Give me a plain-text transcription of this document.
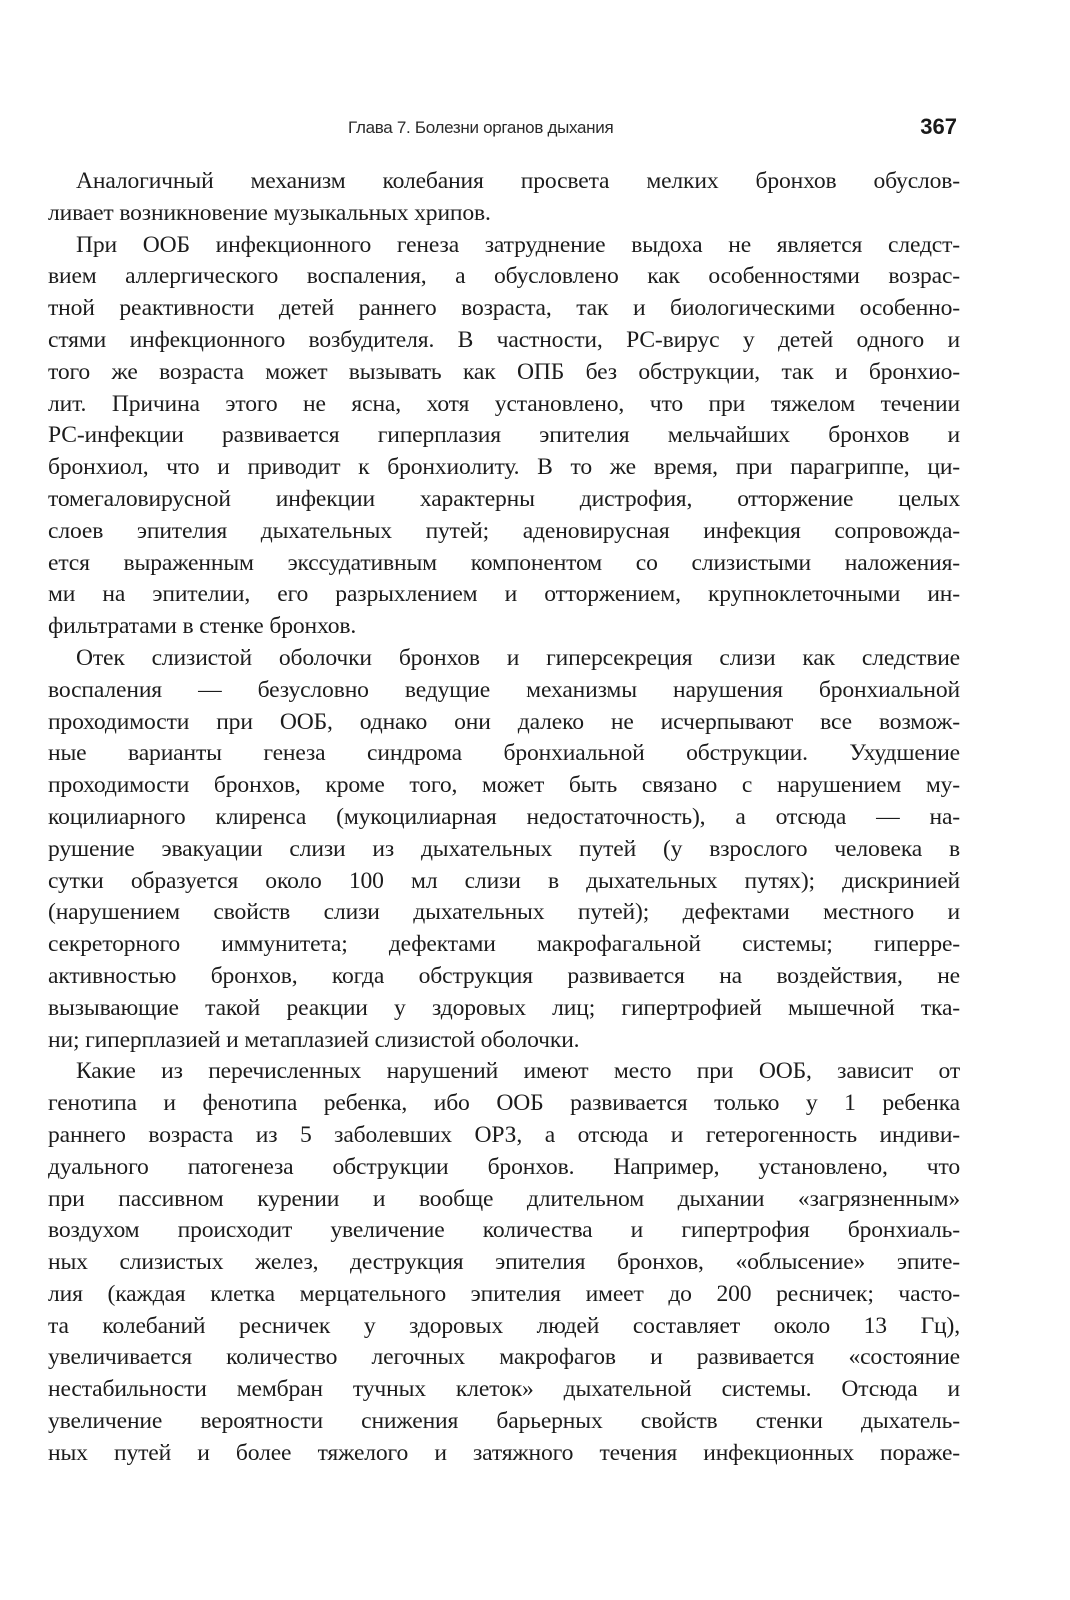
Глава 7. Болезни органов дыхания	367
Аналогичный механизм колебания просвета мелких бронхов обуслов-
ливает возникновение музыкальных хрипов.
При ООБ инфекционного генеза затруднение выдоха не является следст-
вием аллергического воспаления, а обусловлено как особенностями возрас-
тной реактивности детей раннего возраста, так и биологическими особенно-
стями инфекционного возбудителя. В частности, РС-вирус у детей одного и
того же возраста может вызывать как ОПБ без обструкции, так и бронхио-
лит. Причина этого не ясна, хотя установлено, что при тяжелом течении
РС-инфекции развивается гиперплазия эпителия мельчайших бронхов и
бронхиол, что и приводит к бронхиолиту. В то же время, при парагриппе, ци-
томегаловирусной инфекции характерны дистрофия, отторжение целых
слоев эпителия дыхательных путей; аденовирусная инфекция сопровожда-
ется выраженным экссудативным компонентом со слизистыми наложения-
ми на эпителии, его разрыхлением и отторжением, крупноклеточными ин-
фильтратами в стенке бронхов.
Отек слизистой оболочки бронхов и гиперсекреция слизи как следствие
воспаления — безусловно ведущие механизмы нарушения бронхиальной
проходимости при ООБ, однако они далеко не исчерпывают все возмож-
ные варианты генеза синдрома бронхиальной обструкции. Ухудшение
проходимости бронхов, кроме того, может быть связано с нарушением му-
коцилиарного клиренса (мукоцилиарная недостаточность), а отсюда — на-
рушение эвакуации слизи из дыхательных путей (у взрослого человека в
сутки образуется около 100 мл слизи в дыхательных путях); дискринией
(нарушением свойств слизи дыхательных путей); дефектами местного и
секреторного иммунитета; дефектами макрофагальной системы; гиперре-
активностью бронхов, когда обструкция развивается на воздействия, не
вызывающие такой реакции у здоровых лиц; гипертрофией мышечной тка-
ни; гиперплазией и метаплазией слизистой оболочки.
Какие из перечисленных нарушений имеют место при ООБ, зависит от
генотипа и фенотипа ребенка, ибо ООБ развивается только у 1 ребенка
раннего возраста из 5 заболевших ОРЗ, а отсюда и гетерогенность индиви-
дуального патогенеза обструкции бронхов. Например, установлено, что
при пассивном курении и вообще длительном дыхании «загрязненным»
воздухом происходит увеличение количества и гипертрофия бронхиаль-
ных слизистых желез, деструкция эпителия бронхов, «облысение» эпите-
лия (каждая клетка мерцательного эпителия имеет до 200 ресничек; часто-
та колебаний ресничек у здоровых людей составляет около 13 Гц),
увеличивается количество легочных макрофагов и развивается «состояние
нестабильности мембран тучных клеток» дыхательной системы. Отсюда и
увеличение вероятности снижения барьерных свойств стенки дыхатель-
ных путей и более тяжелого и затяжного течения инфекционных пораже-
